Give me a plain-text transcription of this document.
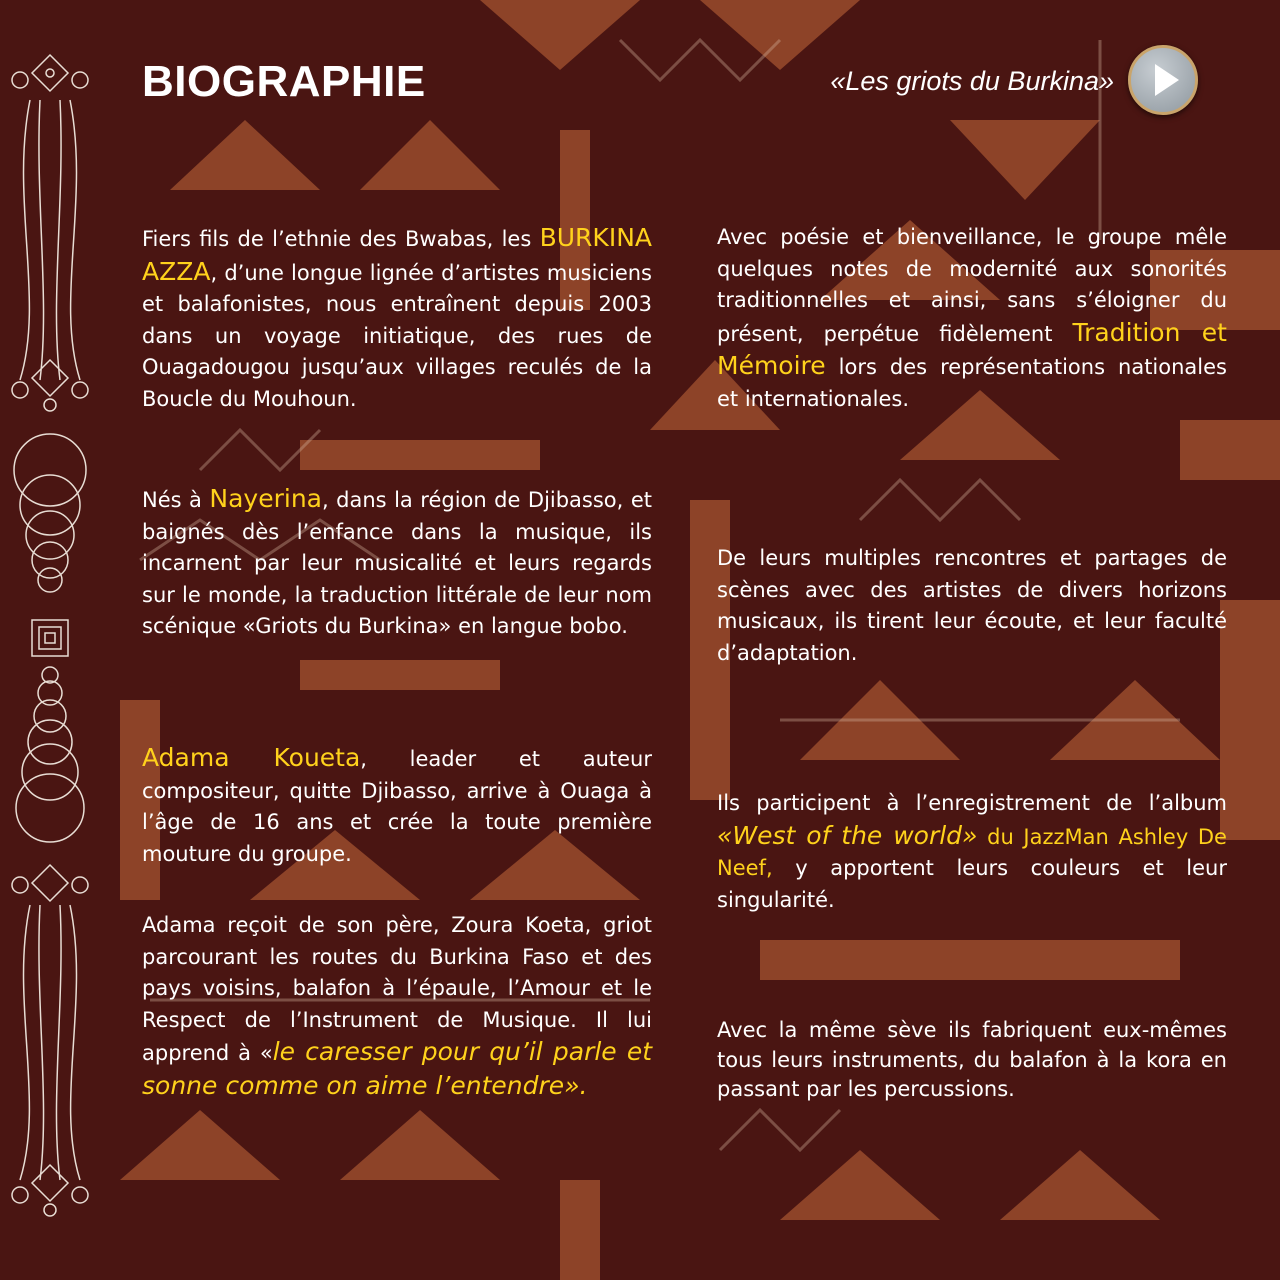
BIOGRAPHIE	«Les griots du Burkina»

Fiers fils de l’ethnie des Bwabas, les BURKINA AZZA, d’une longue lignée d’artistes musiciens et balafonistes, nous entraînent depuis 2003 dans un voyage initiatique, des rues de Ouagadougou jusqu’aux villages reculés de la Boucle du Mouhoun.

Nés à Nayerina, dans la région de Djibasso, et baignés dès l’enfance dans la musique, ils incarnent par leur musicalité et leurs regards sur le monde, la traduction littérale de leur nom scénique «Griots du Burkina» en langue bobo.

Adama Koueta, leader et auteur compositeur, quitte Djibasso, arrive à Ouaga à l’âge de 16 ans et crée la toute première mouture du groupe.

Adama reçoit de son père, Zoura Koeta, griot parcourant les routes du Burkina Faso et des pays voisins, balafon à l’épaule, l’Amour et le Respect de l’Instrument de Musique. Il lui apprend à «le caresser pour qu’il parle et sonne comme on aime l’entendre».

Avec poésie et bienveillance, le groupe mêle quelques notes de modernité aux sonorités traditionnelles et ainsi, sans s’éloigner du présent, perpétue fidèlement Tradition et Mémoire lors des représentations nationales et internationales.

De leurs multiples rencontres et partages de scènes avec des artistes de divers horizons musicaux, ils tirent leur écoute, et leur faculté d’adaptation.

Ils participent à l’enregistrement de l’album «West of the world» du JazzMan Ashley De Neef, y apportent leurs couleurs et leur singularité.

Avec la même sève ils fabriquent eux-mêmes tous leurs instruments, du balafon à la kora en passant par les percussions.
